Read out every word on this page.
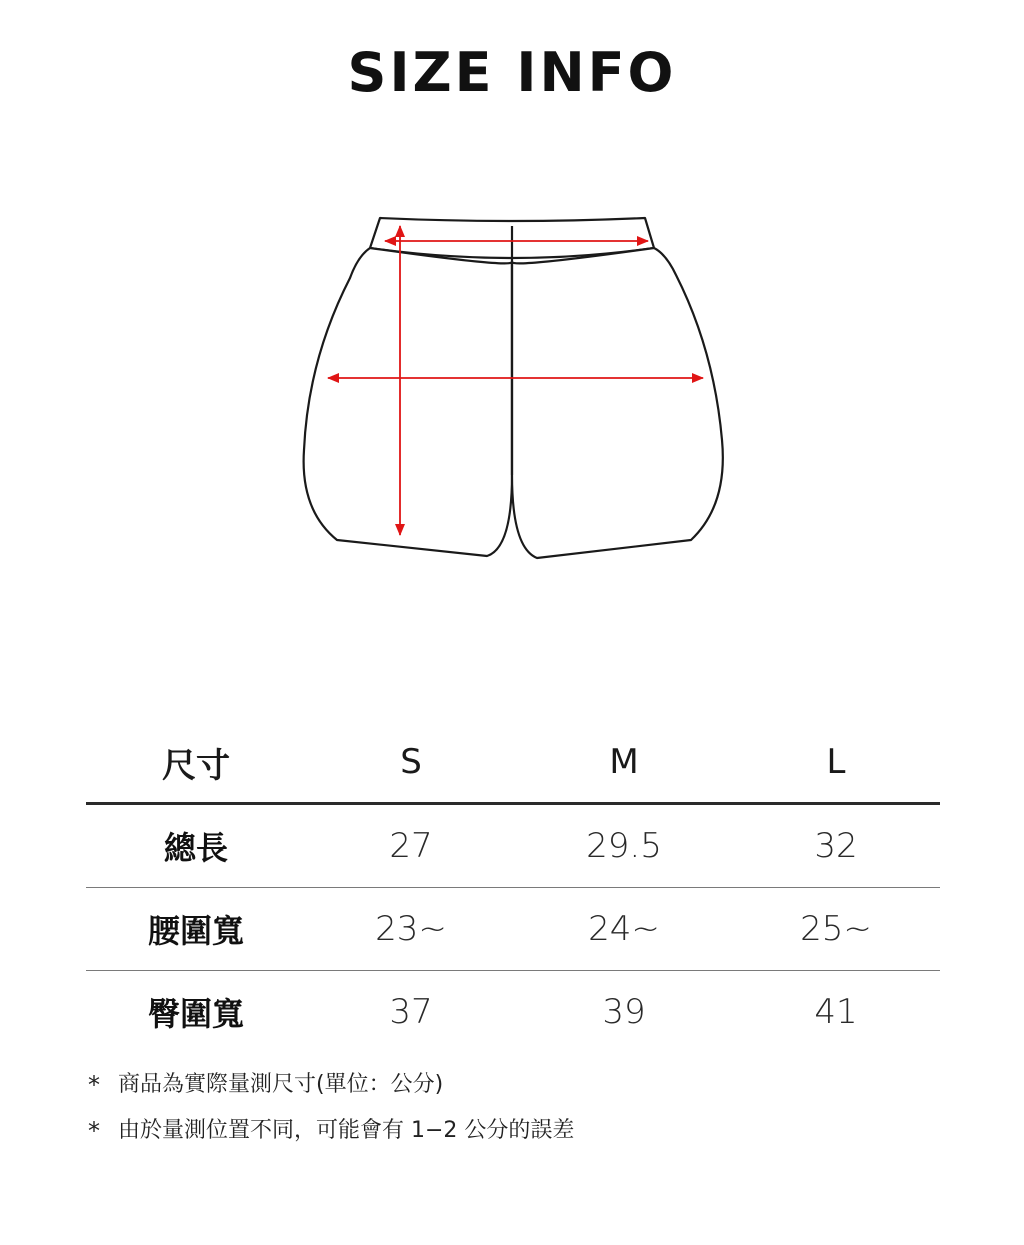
SIZE INFO
尺寸	S	M	L
總長	27	29.5	32
腰圍寬	23~	24~	25~
臀圍寬	37	39	41
* 商品為實際量測尺寸(單位：公分)
* 由於量測位置不同，可能會有 1−2 公分的誤差
